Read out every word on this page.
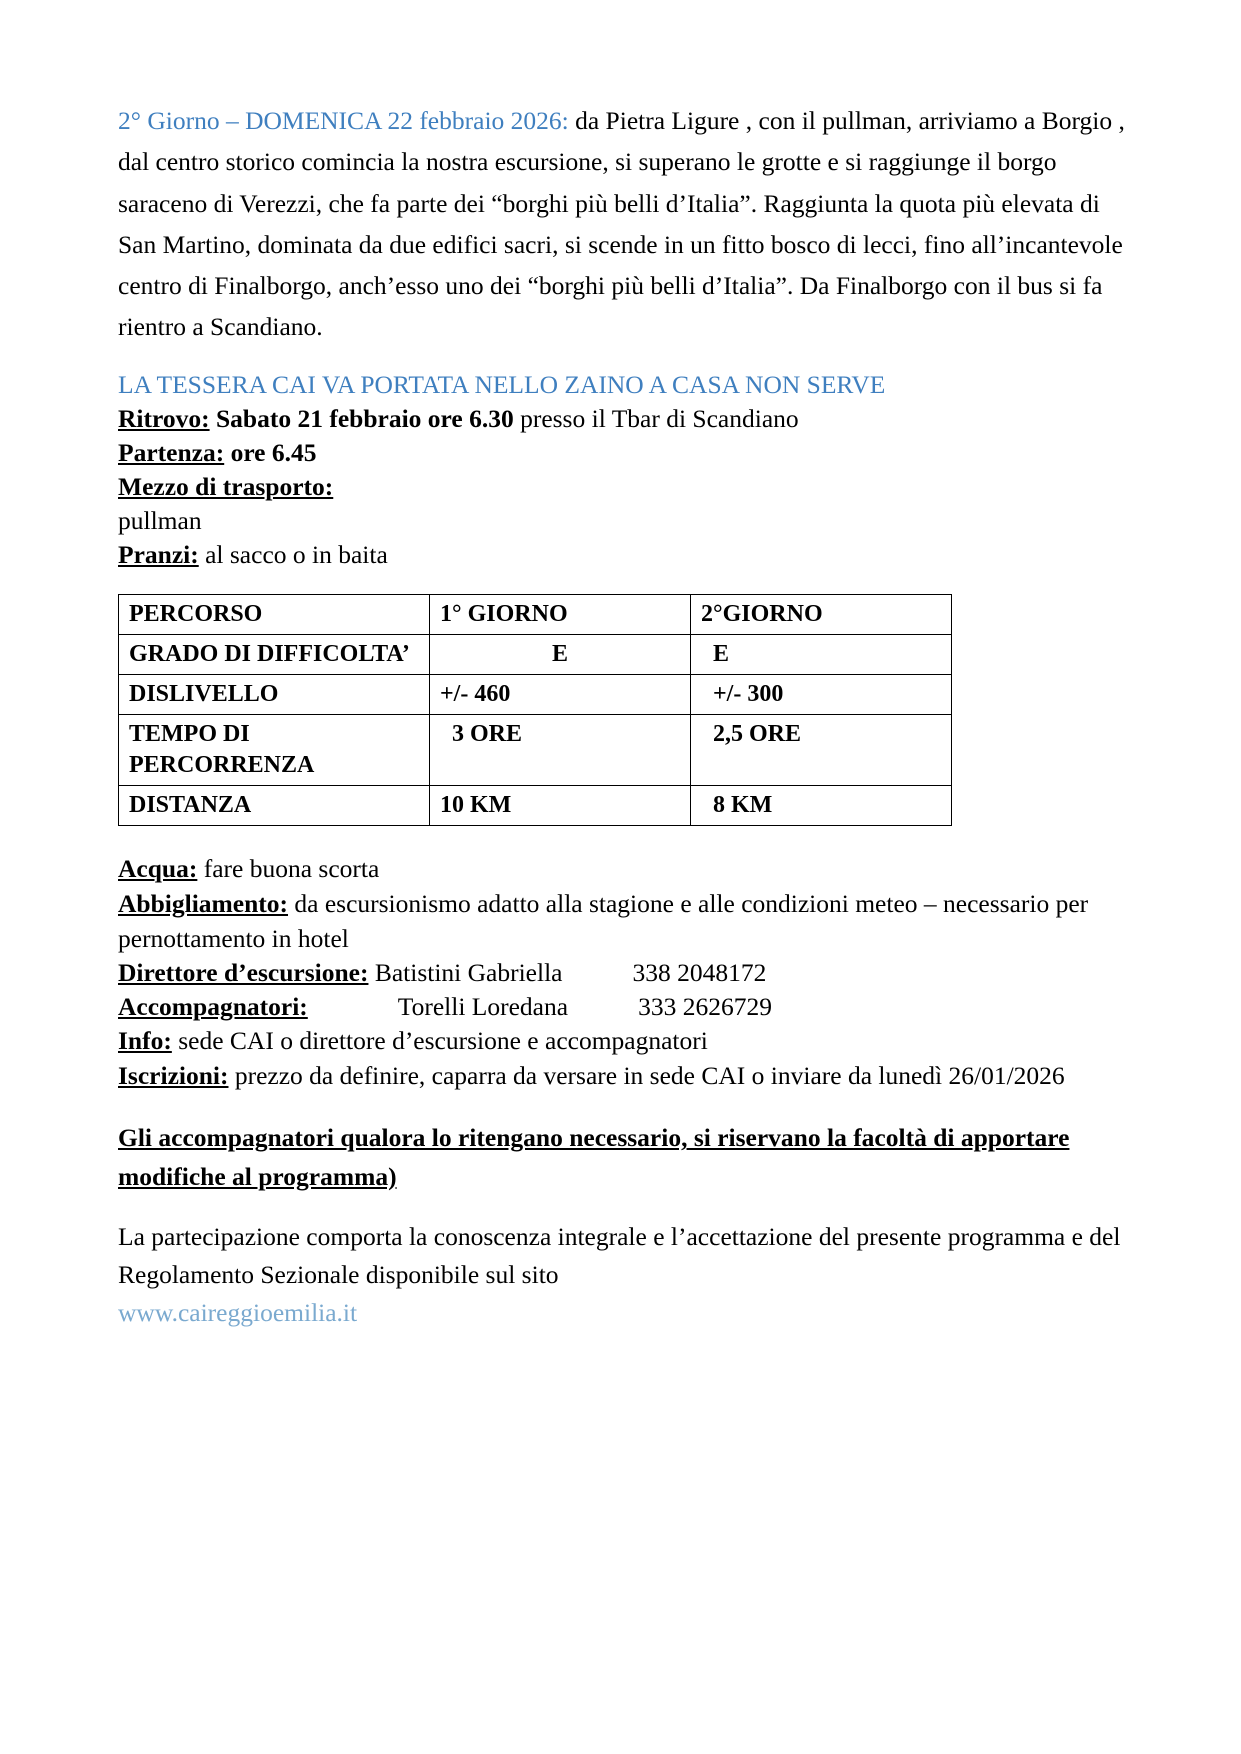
2° Giorno – DOMENICA 22 febbraio 2026: da Pietra Ligure , con il pullman, arriviamo a Borgio , dal centro storico comincia la nostra escursione, si superano le grotte e si raggiunge il borgo saraceno di Verezzi, che fa parte dei “borghi più belli d’Italia”. Raggiunta la quota più elevata di San Martino, dominata da due edifici sacri, si scende in un fitto bosco di lecci, fino all’incantevole centro di Finalborgo, anch’esso uno dei “borghi più belli d’Italia”. Da Finalborgo con il bus si fa rientro a Scandiano.

LA TESSERA CAI VA PORTATA NELLO ZAINO A CASA NON SERVE
Ritrovo: Sabato 21 febbraio ore 6.30 presso il Tbar di Scandiano
Partenza: ore 6.45
Mezzo di trasporto:
pullman
Pranzi: al sacco o in baita
PERCORSO	1° GIORNO	2°GIORNO
GRADO DI DIFFICOLTA’	E	E
DISLIVELLO	+/- 460	+/- 300
TEMPO DI PERCORRENZA	3 ORE	2,5 ORE
DISTANZA	10 KM	8 KM
Acqua: fare buona scorta
Abbigliamento: da escursionismo adatto alla stagione e alle condizioni meteo – necessario per pernottamento in hotel
Direttore d’escursione: Batistini Gabriella	338 2048172
Accompagnatori:	Torelli Loredana	333 2626729
Info: sede CAI o direttore d’escursione e accompagnatori
Iscrizioni: prezzo da definire, caparra da versare in sede CAI o inviare da lunedì 26/01/2026
Gli accompagnatori qualora lo ritengano necessario, si riservano la facoltà di apportare modifiche al programma)
La partecipazione comporta la conoscenza integrale e l’accettazione del presente programma e del Regolamento Sezionale disponibile sul sito
www.caireggioemilia.it
